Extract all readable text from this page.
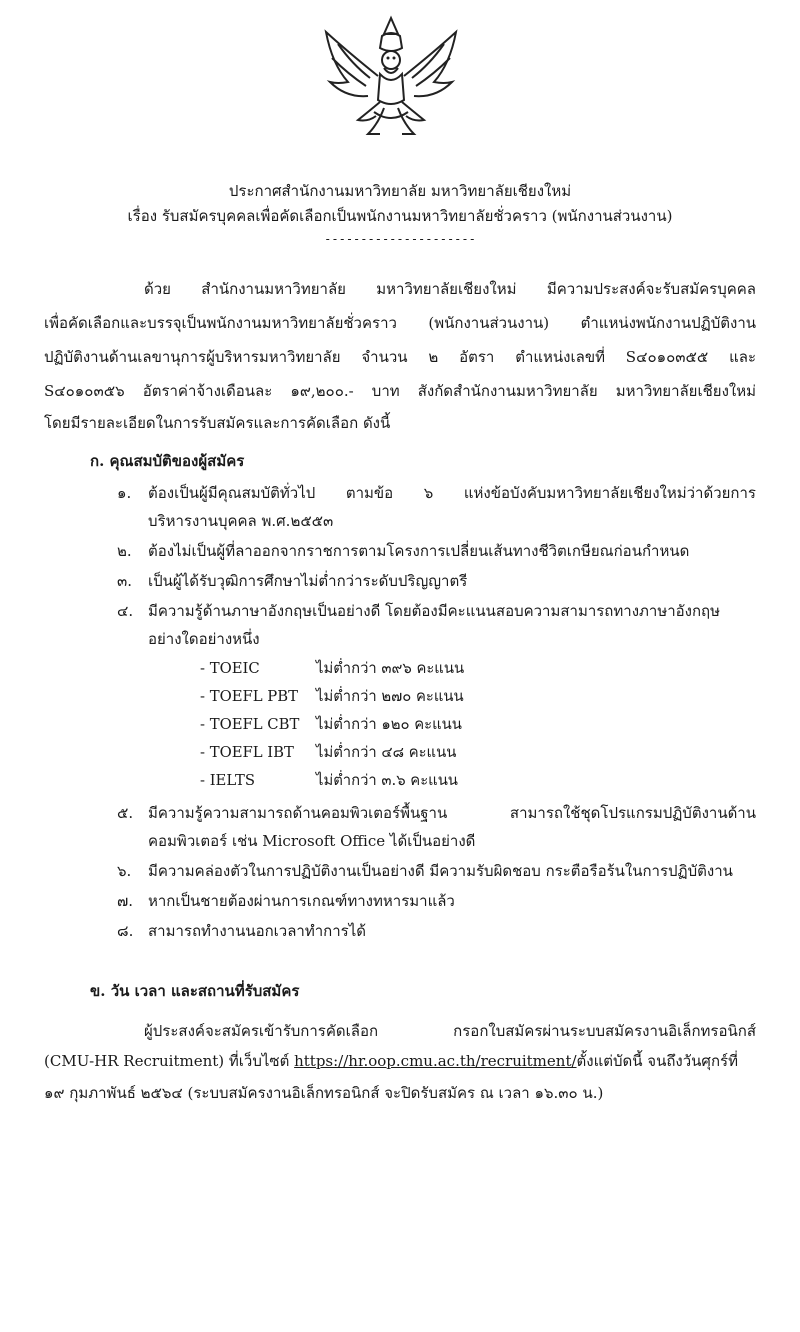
ประกาศสำนักงานมหาวิทยาลัย มหาวิทยาลัยเชียงใหม่
เรื่อง รับสมัครบุคคลเพื่อคัดเลือกเป็นพนักงานมหาวิทยาลัยชั่วคราว (พนักงานส่วนงาน)
---------------------
ด้วย สำนักงานมหาวิทยาลัย มหาวิทยาลัยเชียงใหม่ มีความประสงค์จะรับสมัครบุคคล
เพื่อคัดเลือกและบรรจุเป็นพนักงานมหาวิทยาลัยชั่วคราว (พนักงานส่วนงาน) ตำแหน่งพนักงานปฏิบัติงาน
ปฏิบัติงานด้านเลขานุการผู้บริหารมหาวิทยาลัย จำนวน ๒ อัตรา ตำแหน่งเลขที่ S๔๐๑๐๓๕๕ และ
S๔๐๑๐๓๕๖ อัตราค่าจ้างเดือนละ ๑๙,๒๐๐.- บาท สังกัดสำนักงานมหาวิทยาลัย มหาวิทยาลัยเชียงใหม่
โดยมีรายละเอียดในการรับสมัครและการคัดเลือก ดังนี้
ก. คุณสมบัติของผู้สมัคร
๑. ต้องเป็นผู้มีคุณสมบัติทั่วไป ตามข้อ ๖ แห่งข้อบังคับมหาวิทยาลัยเชียงใหม่ว่าด้วยการ
บริหารงานบุคคล พ.ศ.๒๕๕๓
๒. ต้องไม่เป็นผู้ที่ลาออกจากราชการตามโครงการเปลี่ยนเส้นทางชีวิตเกษียณก่อนกำหนด
๓. เป็นผู้ได้รับวุฒิการศึกษาไม่ต่ำกว่าระดับปริญญาตรี
๔. มีความรู้ด้านภาษาอังกฤษเป็นอย่างดี โดยต้องมีคะแนนสอบความสามารถทางภาษาอังกฤษ
อย่างใดอย่างหนึ่ง
- TOEIC	ไม่ต่ำกว่า ๓๙๖ คะแนน
- TOEFL PBT	ไม่ต่ำกว่า ๒๗๐ คะแนน
- TOEFL CBT	ไม่ต่ำกว่า ๑๒๐ คะแนน
- TOEFL IBT	ไม่ต่ำกว่า ๔๘ คะแนน
- IELTS	ไม่ต่ำกว่า ๓.๖ คะแนน
๕. มีความรู้ความสามารถด้านคอมพิวเตอร์พื้นฐาน สามารถใช้ชุดโปรแกรมปฏิบัติงานด้าน
คอมพิวเตอร์ เช่น Microsoft Office ได้เป็นอย่างดี
๖. มีความคล่องตัวในการปฏิบัติงานเป็นอย่างดี มีความรับผิดชอบ กระตือรือร้นในการปฏิบัติงาน
๗. หากเป็นชายต้องผ่านการเกณฑ์ทางทหารมาแล้ว
๘. สามารถทำงานนอกเวลาทำการได้
ข. วัน เวลา และสถานที่รับสมัคร
ผู้ประสงค์จะสมัครเข้ารับการคัดเลือก กรอกใบสมัครผ่านระบบสมัครงานอิเล็กทรอนิกส์
(CMU-HR Recruitment) ที่เว็บไซต์ https://hr.oop.cmu.ac.th/recruitment/ตั้งแต่บัดนี้ จนถึงวันศุกร์ที่
๑๙ กุมภาพันธ์ ๒๕๖๔ (ระบบสมัครงานอิเล็กทรอนิกส์ จะปิดรับสมัคร ณ เวลา ๑๖.๓๐ น.)
